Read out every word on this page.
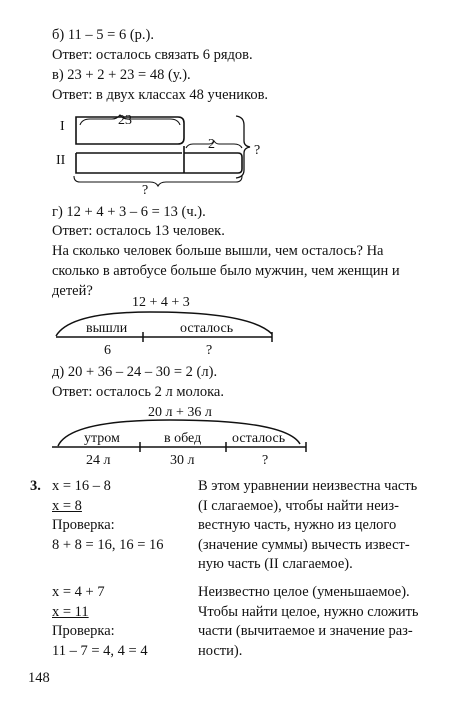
б) 11 – 5 = 6 (р.).
Ответ: осталось связать 6 рядов.
в) 23 + 2 + 23 = 48 (у.).
Ответ: в двух классах 48 учеников.
I
II
23
2	?
?
г) 12 + 4 + 3 – 6 = 13 (ч.).
Ответ: осталось 13 человек.
На сколько человек больше вышли, чем осталось? На
сколько в автобусе больше было мужчин, чем женщин и
детей?
12 + 4 + 3
вышли	осталось
6	?
д) 20 + 36 – 24 – 30 = 2 (л).
Ответ: осталось 2 л молока.
20 л + 36 л
утром	в обед осталось
24 л	30 л	?
3. x = 16 – 8
x = 8
Проверка:
8 + 8 = 16, 16 = 16
В этом уравнении неизвестна часть
(I слагаемое), чтобы найти неиз-
вестную часть, нужно из целого
(значение суммы) вычесть извест-
ную часть (II слагаемое).
x = 4 + 7
x = 11
Проверка:
11 – 7 = 4, 4 = 4
Неизвестно целое (уменьшаемое).
Чтобы найти целое, нужно сложить
части (вычитаемое и значение раз-
ности).
148
